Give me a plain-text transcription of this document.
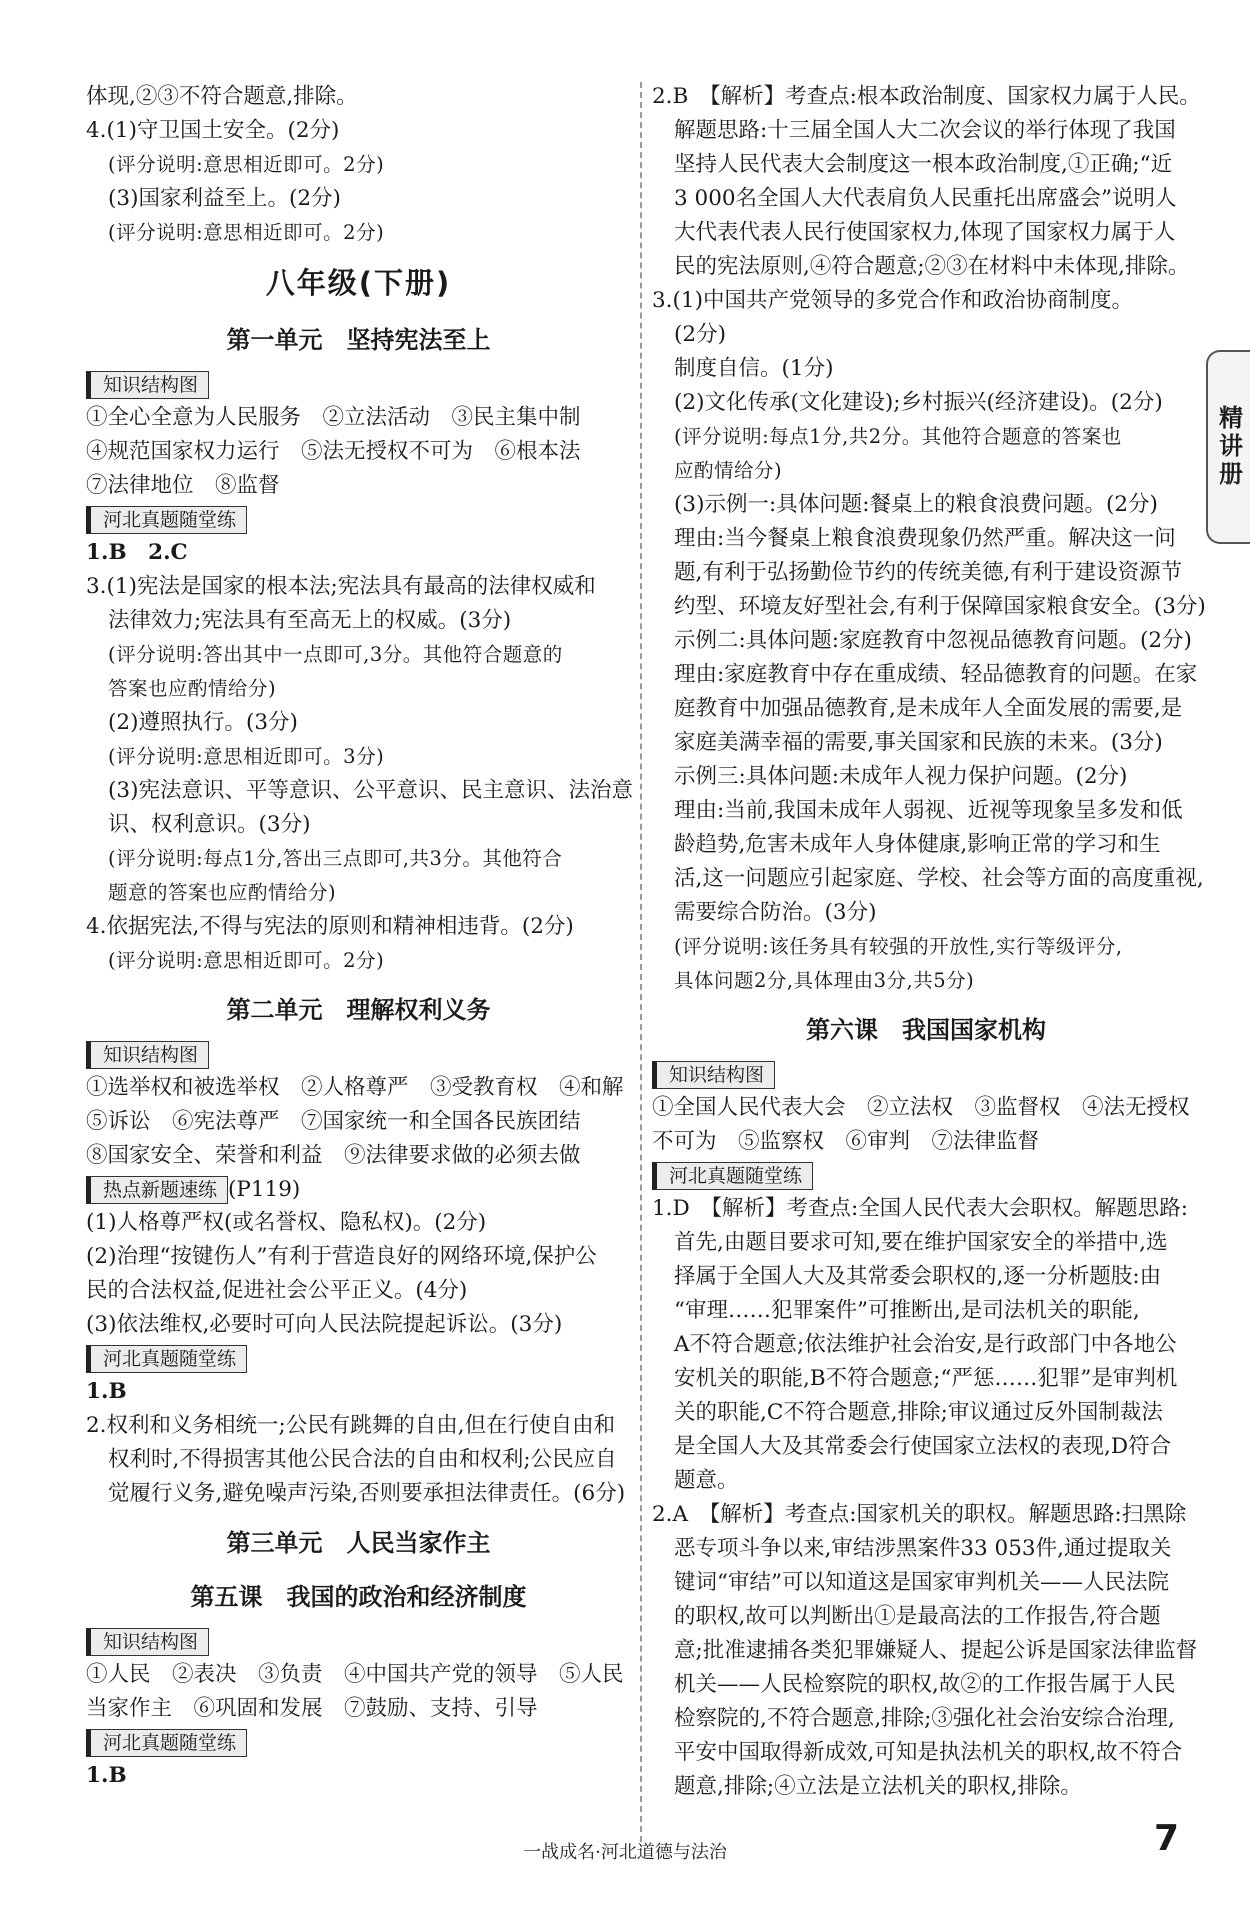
体现,②③不符合题意,排除。
4.(1)守卫国土安全。(2分)
(评分说明:意思相近即可。2分)
(3)国家利益至上。(2分)
(评分说明:意思相近即可。2分)
八年级(下册)
第一单元　坚持宪法至上
知识结构图
①全心全意为人民服务　②立法活动　③民主集中制
④规范国家权力运行　⑤法无授权不可为　⑥根本法
⑦法律地位　⑧监督
河北真题随堂练
1.B　2.C
3.(1)宪法是国家的根本法;宪法具有最高的法律权威和
法律效力;宪法具有至高无上的权威。(3分)
(评分说明:答出其中一点即可,3分。其他符合题意的
答案也应酌情给分)
(2)遵照执行。(3分)
(评分说明:意思相近即可。3分)
(3)宪法意识、平等意识、公平意识、民主意识、法治意
识、权利意识。(3分)
(评分说明:每点1分,答出三点即可,共3分。其他符合
题意的答案也应酌情给分)
4.依据宪法,不得与宪法的原则和精神相违背。(2分)
(评分说明:意思相近即可。2分)
第二单元　理解权利义务
知识结构图
①选举权和被选举权　②人格尊严　③受教育权　④和解
⑤诉讼　⑥宪法尊严　⑦国家统一和全国各民族团结
⑧国家安全、荣誉和利益　⑨法律要求做的必须去做
热点新题速练 (P119)
(1)人格尊严权(或名誉权、隐私权)。(2分)
(2)治理“按键伤人”有利于营造良好的网络环境,保护公
民的合法权益,促进社会公平正义。(4分)
(3)依法维权,必要时可向人民法院提起诉讼。(3分)
河北真题随堂练
1.B
2.权利和义务相统一;公民有跳舞的自由,但在行使自由和
权利时,不得损害其他公民合法的自由和权利;公民应自
觉履行义务,避免噪声污染,否则要承担法律责任。(6分)
第三单元　人民当家作主
第五课　我国的政治和经济制度
知识结构图
①人民　②表决　③负责　④中国共产党的领导　⑤人民
当家作主　⑥巩固和发展　⑦鼓励、支持、引导
河北真题随堂练
1.B
2.B　【解析】考查点:根本政治制度、国家权力属于人民。
解题思路:十三届全国人大二次会议的举行体现了我国
坚持人民代表大会制度这一根本政治制度,①正确;“近
3 000名全国人大代表肩负人民重托出席盛会”说明人
大代表代表人民行使国家权力,体现了国家权力属于人
民的宪法原则,④符合题意;②③在材料中未体现,排除。
3.(1)中国共产党领导的多党合作和政治协商制度。
(2分)
制度自信。(1分)
(2)文化传承(文化建设);乡村振兴(经济建设)。(2分)
(评分说明:每点1分,共2分。其他符合题意的答案也
应酌情给分)
(3)示例一:具体问题:餐桌上的粮食浪费问题。(2分)
理由:当今餐桌上粮食浪费现象仍然严重。解决这一问
题,有利于弘扬勤俭节约的传统美德,有利于建设资源节
约型、环境友好型社会,有利于保障国家粮食安全。(3分)
示例二:具体问题:家庭教育中忽视品德教育问题。(2分)
理由:家庭教育中存在重成绩、轻品德教育的问题。在家
庭教育中加强品德教育,是未成年人全面发展的需要,是
家庭美满幸福的需要,事关国家和民族的未来。(3分)
示例三:具体问题:未成年人视力保护问题。(2分)
理由:当前,我国未成年人弱视、近视等现象呈多发和低
龄趋势,危害未成年人身体健康,影响正常的学习和生
活,这一问题应引起家庭、学校、社会等方面的高度重视,
需要综合防治。(3分)
(评分说明:该任务具有较强的开放性,实行等级评分,
具体问题2分,具体理由3分,共5分)
第六课　我国国家机构
知识结构图
①全国人民代表大会　②立法权　③监督权　④法无授权
不可为　⑤监察权　⑥审判　⑦法律监督
河北真题随堂练
1.D　【解析】考查点:全国人民代表大会职权。解题思路:
首先,由题目要求可知,要在维护国家安全的举措中,选
择属于全国人大及其常委会职权的,逐一分析题肢:由
“审理……犯罪案件”可推断出,是司法机关的职能,
A不符合题意;依法维护社会治安,是行政部门中各地公
安机关的职能,B不符合题意;“严惩……犯罪”是审判机
关的职能,C不符合题意,排除;审议通过反外国制裁法
是全国人大及其常委会行使国家立法权的表现,D符合
题意。
2.A　【解析】考查点:国家机关的职权。解题思路:扫黑除
恶专项斗争以来,审结涉黑案件33 053件,通过提取关
键词“审结”可以知道这是国家审判机关——人民法院
的职权,故可以判断出①是最高法的工作报告,符合题
意;批准逮捕各类犯罪嫌疑人、提起公诉是国家法律监督
机关——人民检察院的职权,故②的工作报告属于人民
检察院的,不符合题意,排除;③强化社会治安综合治理,
平安中国取得新成效,可知是执法机关的职权,故不符合
题意,排除;④立法是立法机关的职权,排除。
精讲册
一战成名·河北道德与法治	7
